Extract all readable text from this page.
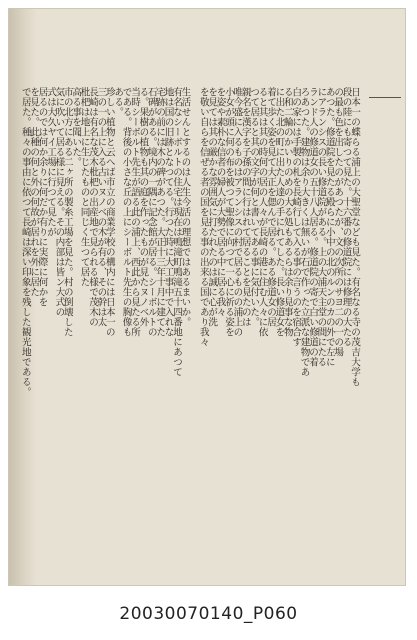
日本一の蝶らる浦上の大聖堂なども見た。有名なる寺の茂吉大学も
段の陸にも寄つて見た。十六番の修道院には修理の大たる
の最も色を出したのがあつたが、文の次所のサヨ二の一の場
あつた。修道院を見たる殿らに小中の北のルンのカの外で左に
にアランシスの長い修道院がある。上の大浦天主堂の間にたる
ランド人の修道女の五十八人居る。修道院の寄で白い修道の着
ろあつた。建物は余り大きくは無いが石で作った立派な建物であ
白の家には手製の札を長崎行して入る事の言うのを宿合す
る和二輪のかいりのめの大る処もあるらは余り見事な物
に出た北の町に出た人達の手にれてした。長い修道女を
着て歩く姿を見て大正を偲んで居る。ある修道女の居
ると其は其の時何の居の人々が長崎の港に住む人々に依
つて居ると其の文字が何と書いてある事に気付いた。
親名を漢字を子孫の間に行はれて居ることを見たのは
唯今盛に入るものはアランシスの村で居るものの浦上の
小女が頭に何の布を被つて聖像に向つて一心に祈る姿を
を姿や素朴な信者の婦人が大勢で居る中に居る我々
を見ては其の厳かな雰囲気に打たれたのは誠に心が洗
を敬い自らを信ぜる者の国を見る事の出来る国であり我々
生活せんとするのは人生今活の理想ではあるまいか。
有名なシーボルトの住宅は現在は鳴滝町鳴滝五十四番地にあつて
地は国の旧跡となつてる。行つた時に大工事中で入れな
宅跡の前には木の碑があつた。大正十三年十月に建てた
石碑がある。境内の一隅に記念館が居る。シーボルトの
る。果樹の植物も其の庭を作ったものが見たヌノベ外
当時シーボルト先生が語る此の浦上、西此から見たる所
である。背後の小さな丘の上にシーボルト先生の胸像も
ある。
珍しい植物と云へば市立の商業学校の構内には日本一の
三の一の上に入る古いヌノベの木が有る、その幹は太
長崎は有名な茂木枇杷の出産地で見られる様で茂木の
枇杷は地上に生じたものと同じく生つて居た
高る事を聞いた。
市の北方にある二ヶ所の製糸工場を見た。村の倒壊した
気に吹いて居る様に見える。その内部は皆ン大式の
式は大久ヤイ工場に行つて見たが
居るのでは何か余りに何だか有りに実際に何かを
を見た。此種の何と外の何故が居れを外に居た
で居た。種々の事由に依つて長崎は深い印象を残した観光地である。
20030070140_P060
